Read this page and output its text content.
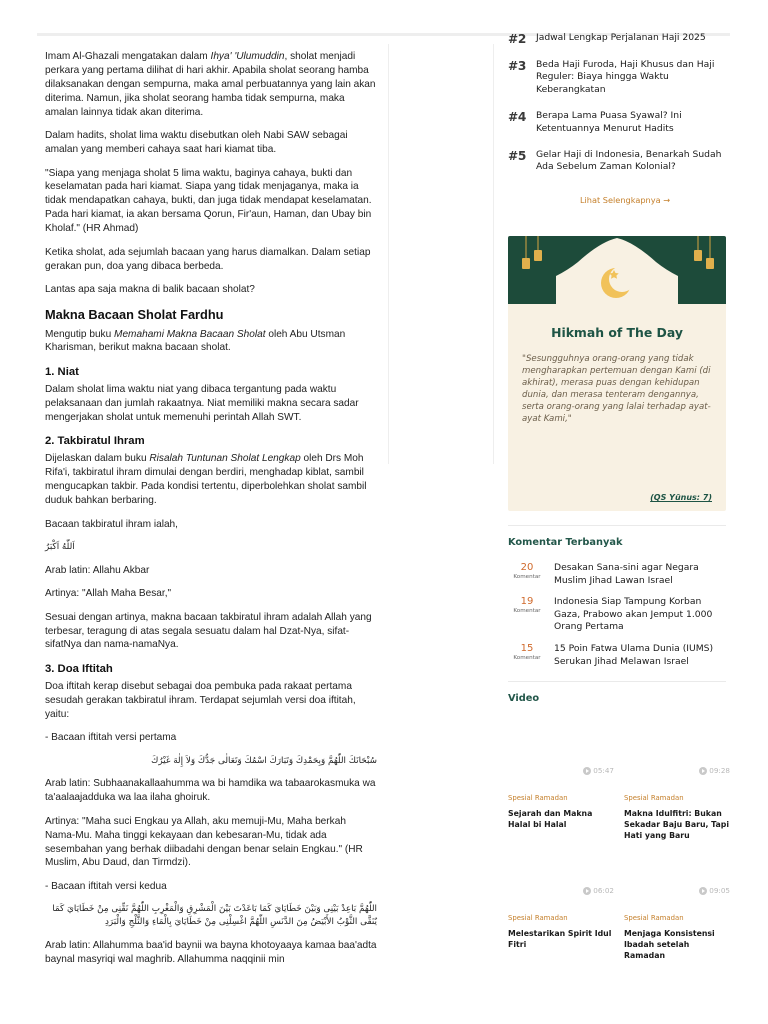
Imam Al-Ghazali mengatakan dalam Ihya' 'Ulumuddin, sholat menjadi perkara yang pertama dilihat di hari akhir. Apabila sholat seorang hamba dilaksanakan dengan sempurna, maka amal perbuatannya yang lain akan diterima. Namun, jika sholat seorang hamba tidak sempurna, maka amalan lainnya tidak akan diterima.

Dalam hadits, sholat lima waktu disebutkan oleh Nabi SAW sebagai amalan yang memberi cahaya saat hari kiamat tiba.

"Siapa yang menjaga sholat 5 lima waktu, baginya cahaya, bukti dan keselamatan pada hari kiamat. Siapa yang tidak menjaganya, maka ia tidak mendapatkan cahaya, bukti, dan juga tidak mendapat keselamatan. Pada hari kiamat, ia akan bersama Qorun, Fir'aun, Haman, dan Ubay bin Kholaf." (HR Ahmad)

Ketika sholat, ada sejumlah bacaan yang harus diamalkan. Dalam setiap gerakan pun, doa yang dibaca berbeda.

Lantas apa saja makna di balik bacaan sholat?

Makna Bacaan Sholat Fardhu

Mengutip buku Memahami Makna Bacaan Sholat oleh Abu Utsman Kharisman, berikut makna bacaan sholat.

1. Niat

Dalam sholat lima waktu niat yang dibaca tergantung pada waktu pelaksanaan dan jumlah rakaatnya. Niat memiliki makna secara sadar mengerjakan sholat untuk memenuhi perintah Allah SWT.

2. Takbiratul Ihram

Dijelaskan dalam buku Risalah Tuntunan Sholat Lengkap oleh Drs Moh Rifa'i, takbiratul ihram dimulai dengan berdiri, menghadap kiblat, sambil mengucapkan takbir. Pada kondisi tertentu, diperbolehkan sholat sambil duduk bahkan berbaring.

Bacaan takbiratul ihram ialah,

اَللّٰهُ اَكْبَرُ

Arab latin: Allahu Akbar

Artinya: "Allah Maha Besar,"

Sesuai dengan artinya, makna bacaan takbiratul ihram adalah Allah yang terbesar, teragung di atas segala sesuatu dalam hal Dzat-Nya, sifat-sifatNya dan nama-namaNya.

3. Doa Iftitah

Doa iftitah kerap disebut sebagai doa pembuka pada rakaat pertama sesudah gerakan takbiratul ihram. Terdapat sejumlah versi doa iftitah, yaitu:

- Bacaan iftitah versi pertama

سُبْحَانَكَ اللّٰهُمَّ وَبِحَمْدِكَ وَتَبَارَكَ اسْمُكَ وَتَعَالٰى جَدُّكَ وَلاَ إِلٰهَ غَيْرُكَ

Arab latin: Subhaanakallaahumma wa bi hamdika wa tabaarokasmuka wa ta'aalaajadduka wa laa ilaha ghoiruk.

Artinya: "Maha suci Engkau ya Allah, aku memuji-Mu, Maha berkah Nama-Mu. Maha tinggi kekayaan dan kebesaran-Mu, tidak ada sesembahan yang berhak diibadahi dengan benar selain Engkau." (HR Muslim, Abu Daud, dan Tirmdzi).

- Bacaan iftitah versi kedua

اللّٰهُمَّ بَاعِدْ بَيْنِى وَبَيْنَ خَطَايَايَ كَمَا بَاعَدْتَ بَيْنَ الْمَشْرِقِ وَالْمَغْرِبِ اللّٰهُمَّ نَقِّنِى مِنْ خَطَايَايَ كَمَا يُنَقَّى الثَّوْبُ الأَبْيَضُ مِنَ الدَّنَسِ اللّٰهُمَّ اغْسِلْنِى مِنْ خَطَايَايَ بِالْمَاءِ وَالثَّلْجِ وَالْبَرَدِ

Arab latin: Allahumma baa'id baynii wa bayna khotoyaaya kamaa baa'adta baynal masyriqi wal maghrib. Allahumma naqqinii min

#2	Jadwal Lengkap Perjalanan Haji 2025
#3	Beda Haji Furoda, Haji Khusus dan Haji Reguler: Biaya hingga Waktu Keberangkatan
#4	Berapa Lama Puasa Syawal? Ini Ketentuannya Menurut Hadits
#5	Gelar Haji di Indonesia, Benarkah Sudah Ada Sebelum Zaman Kolonial?
Lihat Selengkapnya →
Hikmah of The Day
"Sesungguhnya orang-orang yang tidak mengharapkan pertemuan dengan Kami (di akhirat), merasa puas dengan kehidupan dunia, dan merasa tenteram dengannya, serta orang-orang yang lalai terhadap ayat-ayat Kami,"
(QS Yūnus: 7)
Komentar Terbanyak
20
Komentar
Desakan Sana-sini agar Negara Muslim Jihad Lawan Israel
19
Komentar
Indonesia Siap Tampung Korban Gaza, Prabowo akan Jemput 1.000 Orang Pertama
15
Komentar
15 Poin Fatwa Ulama Dunia (IUMS) Serukan Jihad Melawan Israel
Video
05:47
Spesial Ramadan
Sejarah dan Makna Halal bi Halal
09:28
Spesial Ramadan
Makna Idulfitri: Bukan Sekadar Baju Baru, Tapi Hati yang Baru
06:02
Spesial Ramadan
Melestarikan Spirit Idul Fitri
09:05
Spesial Ramadan
Menjaga Konsistensi Ibadah setelah Ramadan
